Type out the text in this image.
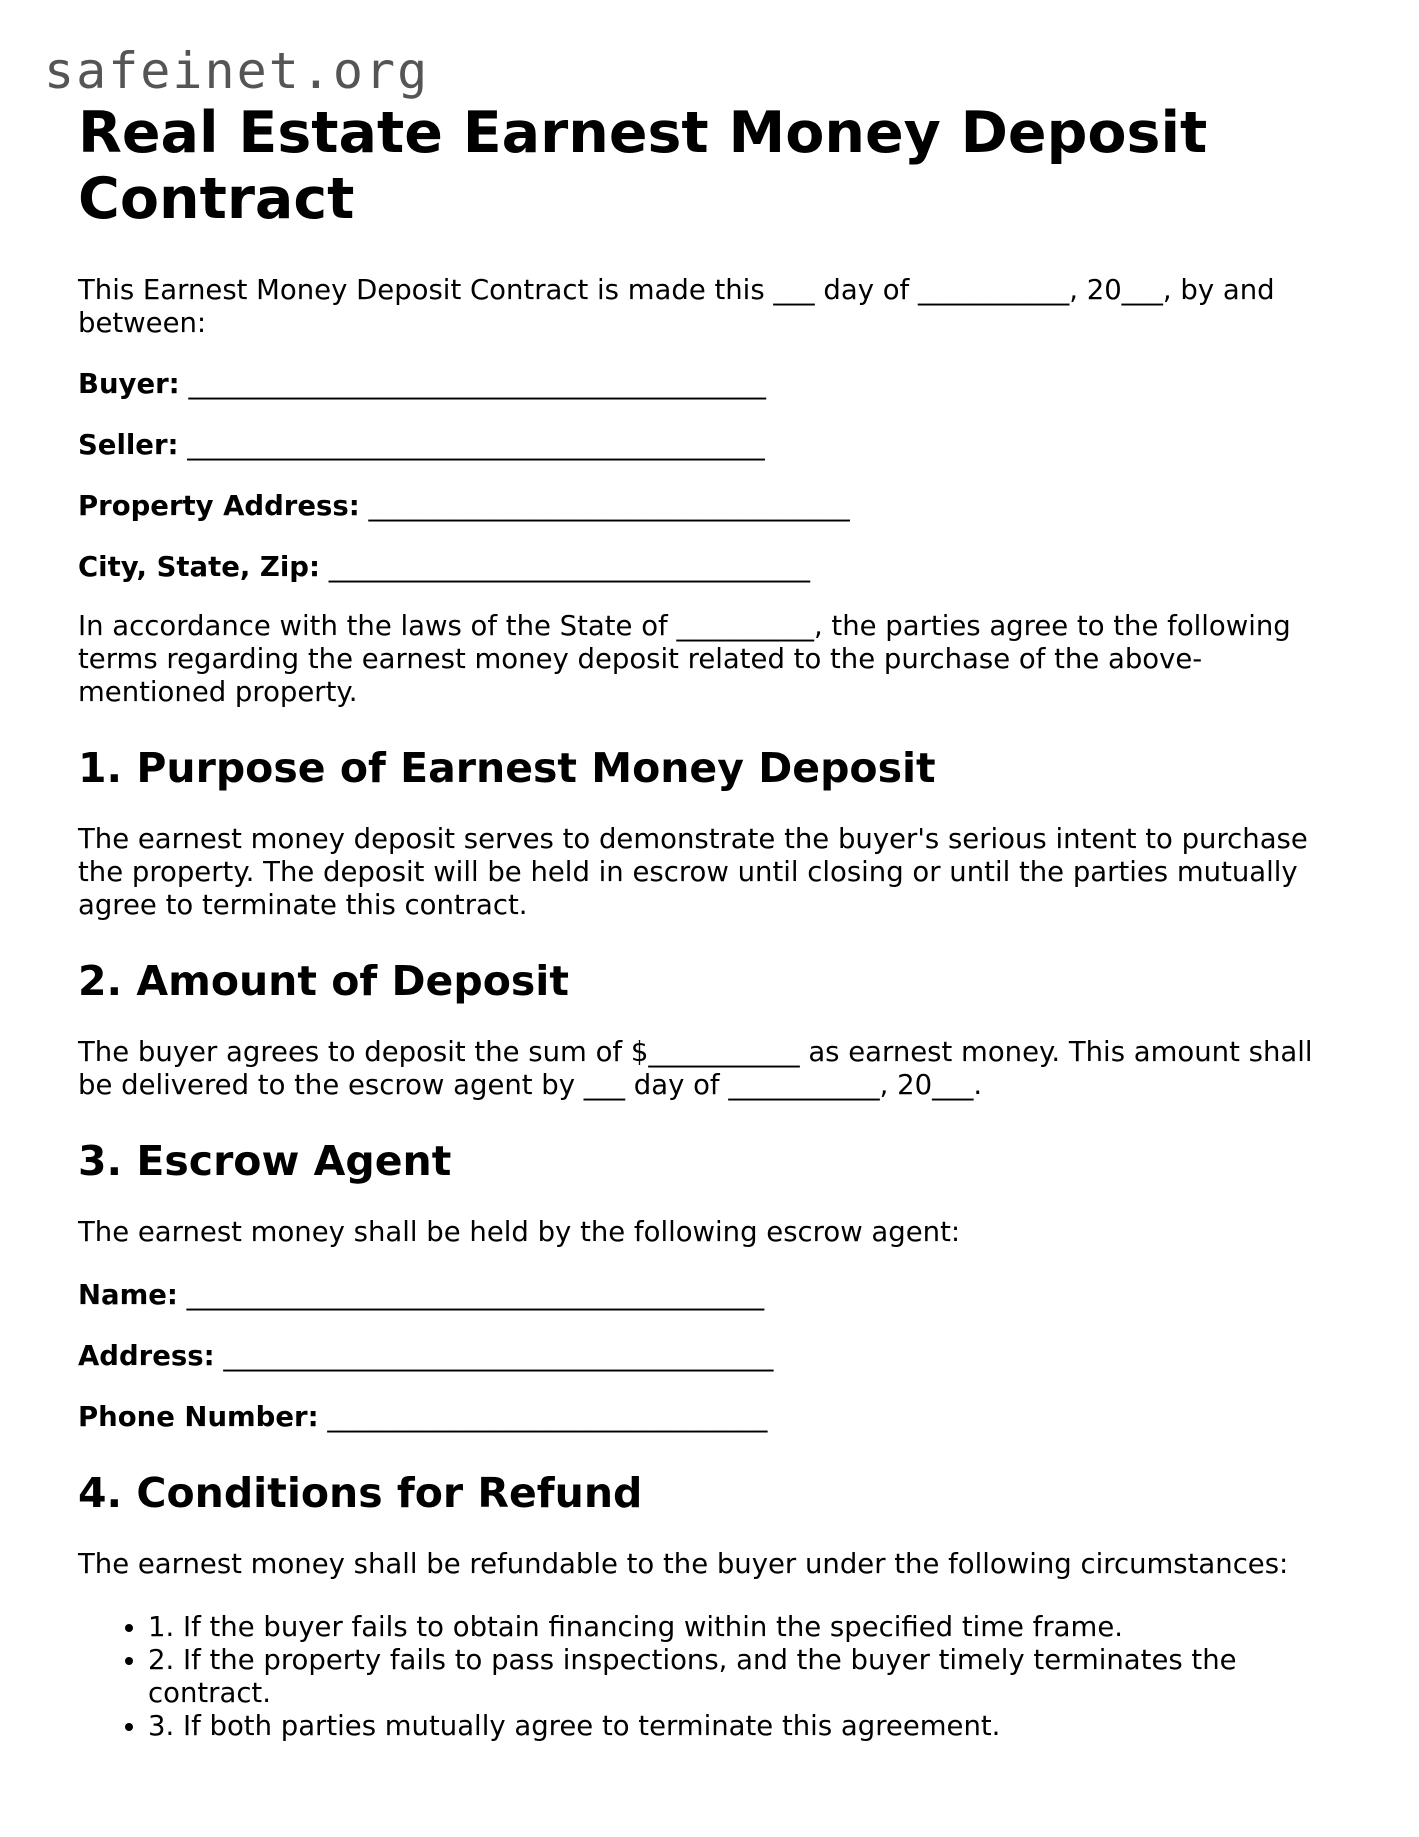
safeinet.org
Real Estate Earnest Money Deposit Contract

This Earnest Money Deposit Contract is made this ___ day of ___________, 20___, by and between:

Buyer: __________________________________________
Seller: __________________________________________
Property Address: ___________________________________
City, State, Zip: ___________________________________

In accordance with the laws of the State of __________, the parties agree to the following terms regarding the earnest money deposit related to the purchase of the above-mentioned property.

1. Purpose of Earnest Money Deposit

The earnest money deposit serves to demonstrate the buyer's serious intent to purchase the property. The deposit will be held in escrow until closing or until the parties mutually agree to terminate this contract.

2. Amount of Deposit

The buyer agrees to deposit the sum of $___________ as earnest money. This amount shall be delivered to the escrow agent by ___ day of ___________, 20___.

3. Escrow Agent

The earnest money shall be held by the following escrow agent:

Name: __________________________________________
Address: ________________________________________
Phone Number: ________________________________
4. Conditions for Refund

The earnest money shall be refundable to the buyer under the following circumstances:

• 1. If the buyer fails to obtain financing within the specified time frame.
• 2. If the property fails to pass inspections, and the buyer timely terminates the contract.
• 3. If both parties mutually agree to terminate this agreement.
